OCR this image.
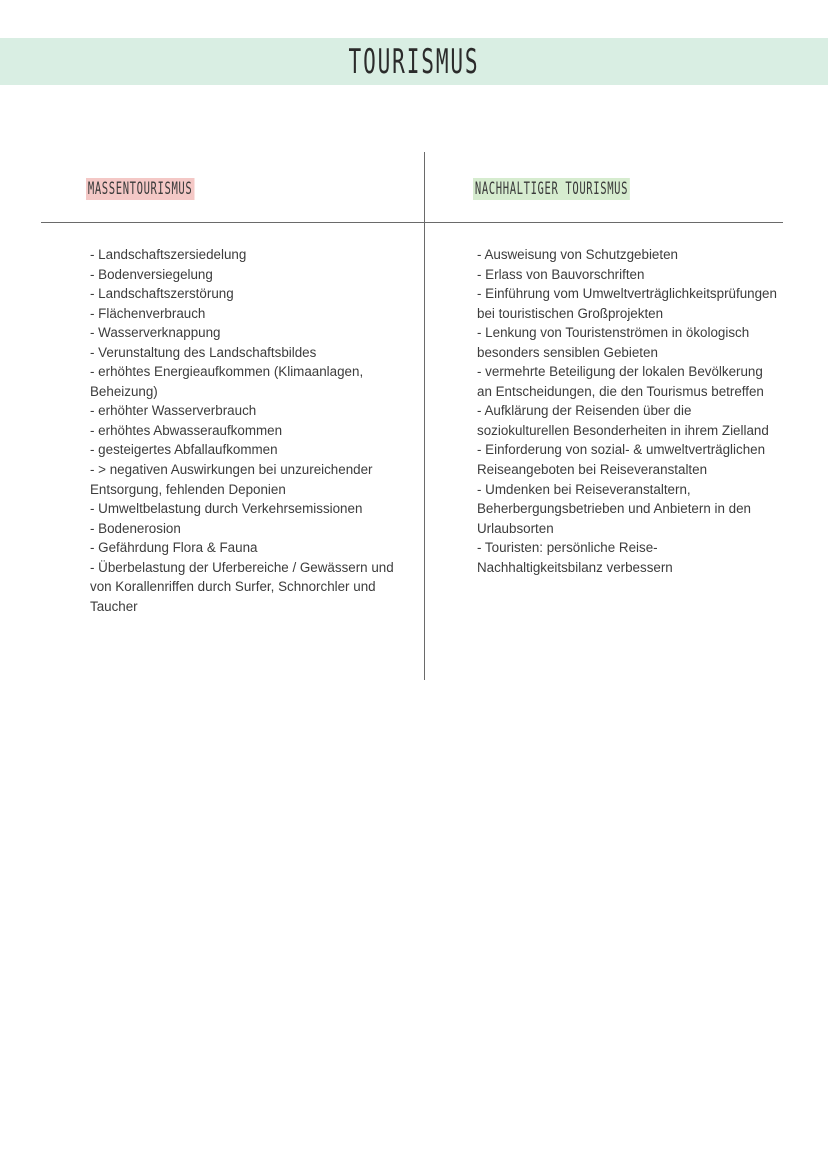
TOURISMUS
MASSENTOURISMUS	NACHHALTIGER TOURISMUS
- Landschaftszersiedelung
- Bodenversiegelung
- Landschaftszerstörung
- Flächenverbrauch
- Wasserverknappung
- Verunstaltung des Landschaftsbildes
- erhöhtes Energieaufkommen (Klimaanlagen, Beheizung)
- erhöhter Wasserverbrauch
- erhöhtes Abwasseraufkommen
- gesteigertes Abfallaufkommen
- > negativen Auswirkungen bei unzureichender Entsorgung, fehlenden Deponien
- Umweltbelastung durch Verkehrsemissionen
- Bodenerosion
- Gefährdung Flora & Fauna
- Überbelastung der Uferbereiche / Gewässern und von Korallenriffen durch Surfer, Schnorchler und Taucher
- Ausweisung von Schutzgebieten
- Erlass von Bauvorschriften
- Einführung vom Umweltverträglichkeitsprüfungen bei touristischen Großprojekten
- Lenkung von Touristenströmen in ökologisch besonders sensiblen Gebieten
- vermehrte Beteiligung der lokalen Bevölkerung an Entscheidungen, die den Tourismus betreffen
- Aufklärung der Reisenden über die soziokulturellen Besonderheiten in ihrem Zielland
- Einforderung von sozial- & umweltverträglichen Reiseangeboten bei Reiseveranstalten
- Umdenken bei Reiseveranstaltern, Beherbergungsbetrieben und Anbietern in den Urlaubsorten
- Touristen: persönliche Reise-Nachhaltigkeitsbilanz verbessern
